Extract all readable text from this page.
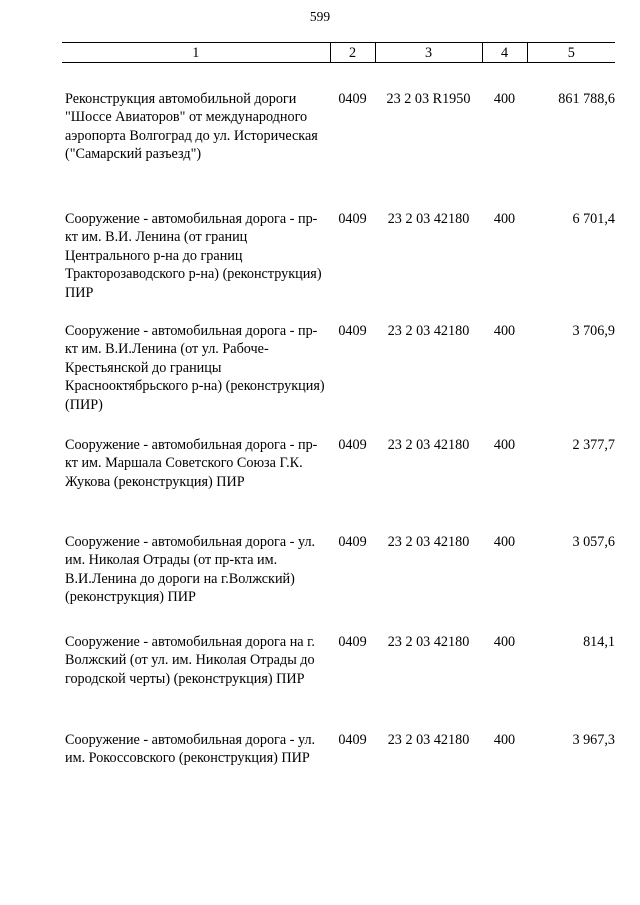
599
1	2	3	4	5

Реконструкция автомобильной дороги "Шоссе Авиаторов" от международного аэропорта Волгоград до ул. Историческая ("Самарский разъезд")	0409	23 2 03 R1950	400	861 788,6
Сооружение - автомобильная дорога - пр-кт им. В.И. Ленина (от границ Центрального р-на до границ Тракторозаводского р-на) (реконструкция) ПИР	0409	23 2 03 42180	400	6 701,4
Сооружение - автомобильная дорога - пр-кт им. В.И.Ленина (от ул. Рабоче-Крестьянской до границы Краснооктябрьского р-на) (реконструкция) (ПИР)	0409	23 2 03 42180	400	3 706,9
Сооружение - автомобильная дорога - пр-кт им. Маршала Советского Союза Г.К. Жукова (реконструкция) ПИР	0409	23 2 03 42180	400	2 377,7
Сооружение - автомобильная дорога - ул. им. Николая Отрады (от пр-кта им. В.И.Ленина до дороги на г.Волжский) (реконструкция) ПИР	0409	23 2 03 42180	400	3 057,6
Сооружение - автомобильная дорога на г. Волжский (от ул. им. Николая Отрады до городской черты) (реконструкция) ПИР	0409	23 2 03 42180	400	814,1
Сооружение - автомобильная дорога - ул. им. Рокоссовского (реконструкция) ПИР	0409	23 2 03 42180	400	3 967,3
